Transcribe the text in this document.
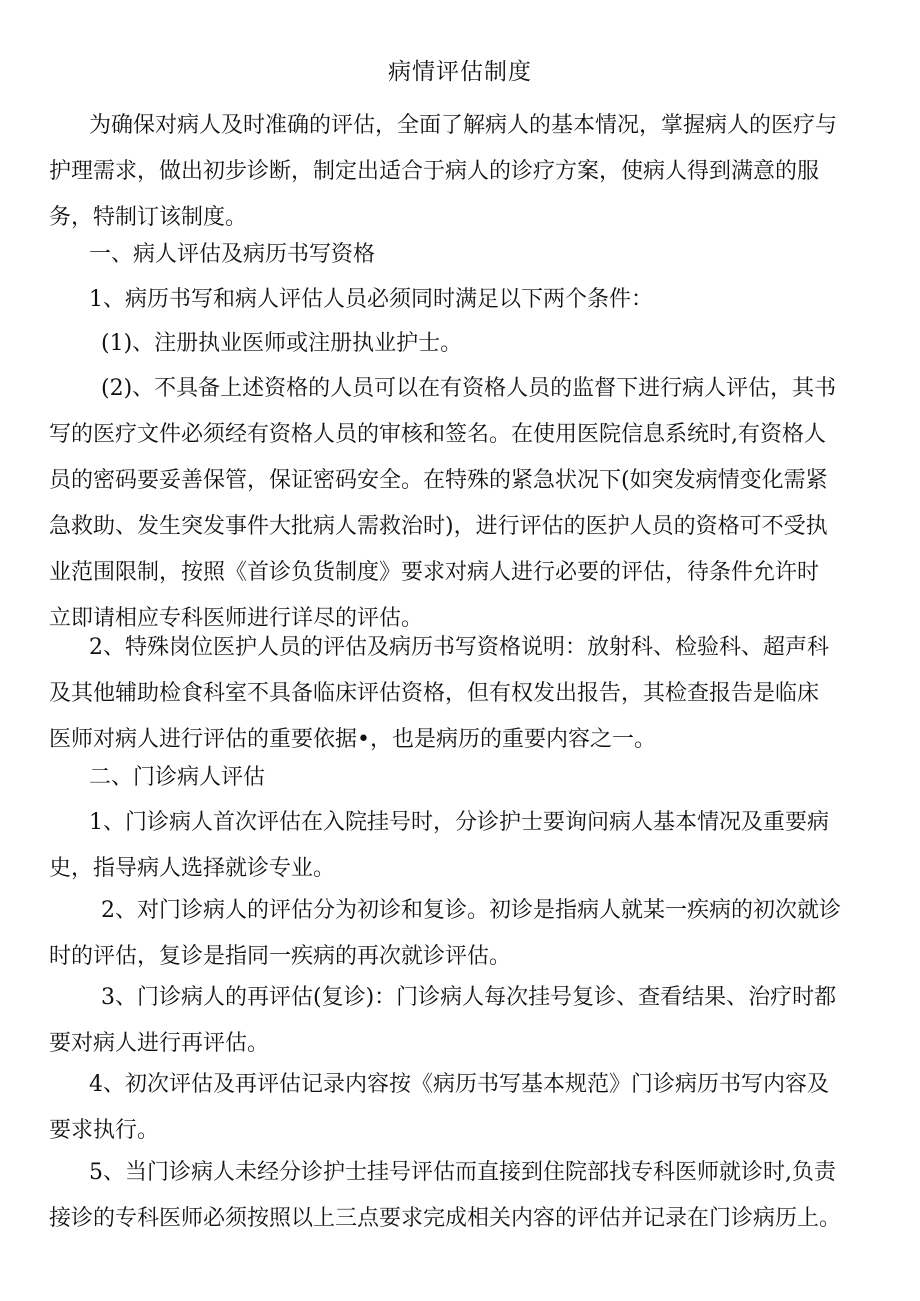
病情评估制度
为确保对病人及时准确的评估，全面了解病人的基本情况，掌握病人的医疗与
护理需求，做出初步诊断，制定出适合于病人的诊疗方案，使病人得到满意的服
务，特制订该制度。
一、病人评估及病历书写资格
1、病历书写和病人评估人员必须同时满足以下两个条件：
(1)、注册执业医师或注册执业护士。
(2)、不具备上述资格的人员可以在有资格人员的监督下进行病人评估，其书
写的医疗文件必须经有资格人员的审核和签名。在使用医院信息系统时,有资格人
员的密码要妥善保管，保证密码安全。在特殊的紧急状况下(如突发病情变化需紧
急救助、发生突发事件大批病人需救治时)，进行评估的医护人员的资格可不受执
业范围限制，按照《首诊负货制度》要求对病人进行必要的评估，待条件允许时
立即请相应专科医师进行详尽的评估。
2、特殊岗位医护人员的评估及病历书写资格说明：放射科、检验科、超声科
及其他辅助检食科室不具备临床评估资格，但有权发出报告，其检查报告是临床
医师对病人进行评估的重要依据•，也是病历的重要内容之一。
二、门诊病人评估
1、门诊病人首次评估在入院挂号时，分诊护士要询问病人基本情况及重要病
史，指导病人选择就诊专业。
2、对门诊病人的评估分为初诊和复诊。初诊是指病人就某一疾病的初次就诊
时的评估，复诊是指同一疾病的再次就诊评估。
3、门诊病人的再评估(复诊)：门诊病人每次挂号复诊、查看结果、治疗时都
要对病人进行再评估。
4、初次评估及再评估记录内容按《病历书写基本规范》门诊病历书写内容及
要求执行。
5、当门诊病人未经分诊护士挂号评估而直接到住院部找专科医师就诊时,负责
接诊的专科医师必须按照以上三点要求完成相关内容的评估并记录在门诊病历上。
